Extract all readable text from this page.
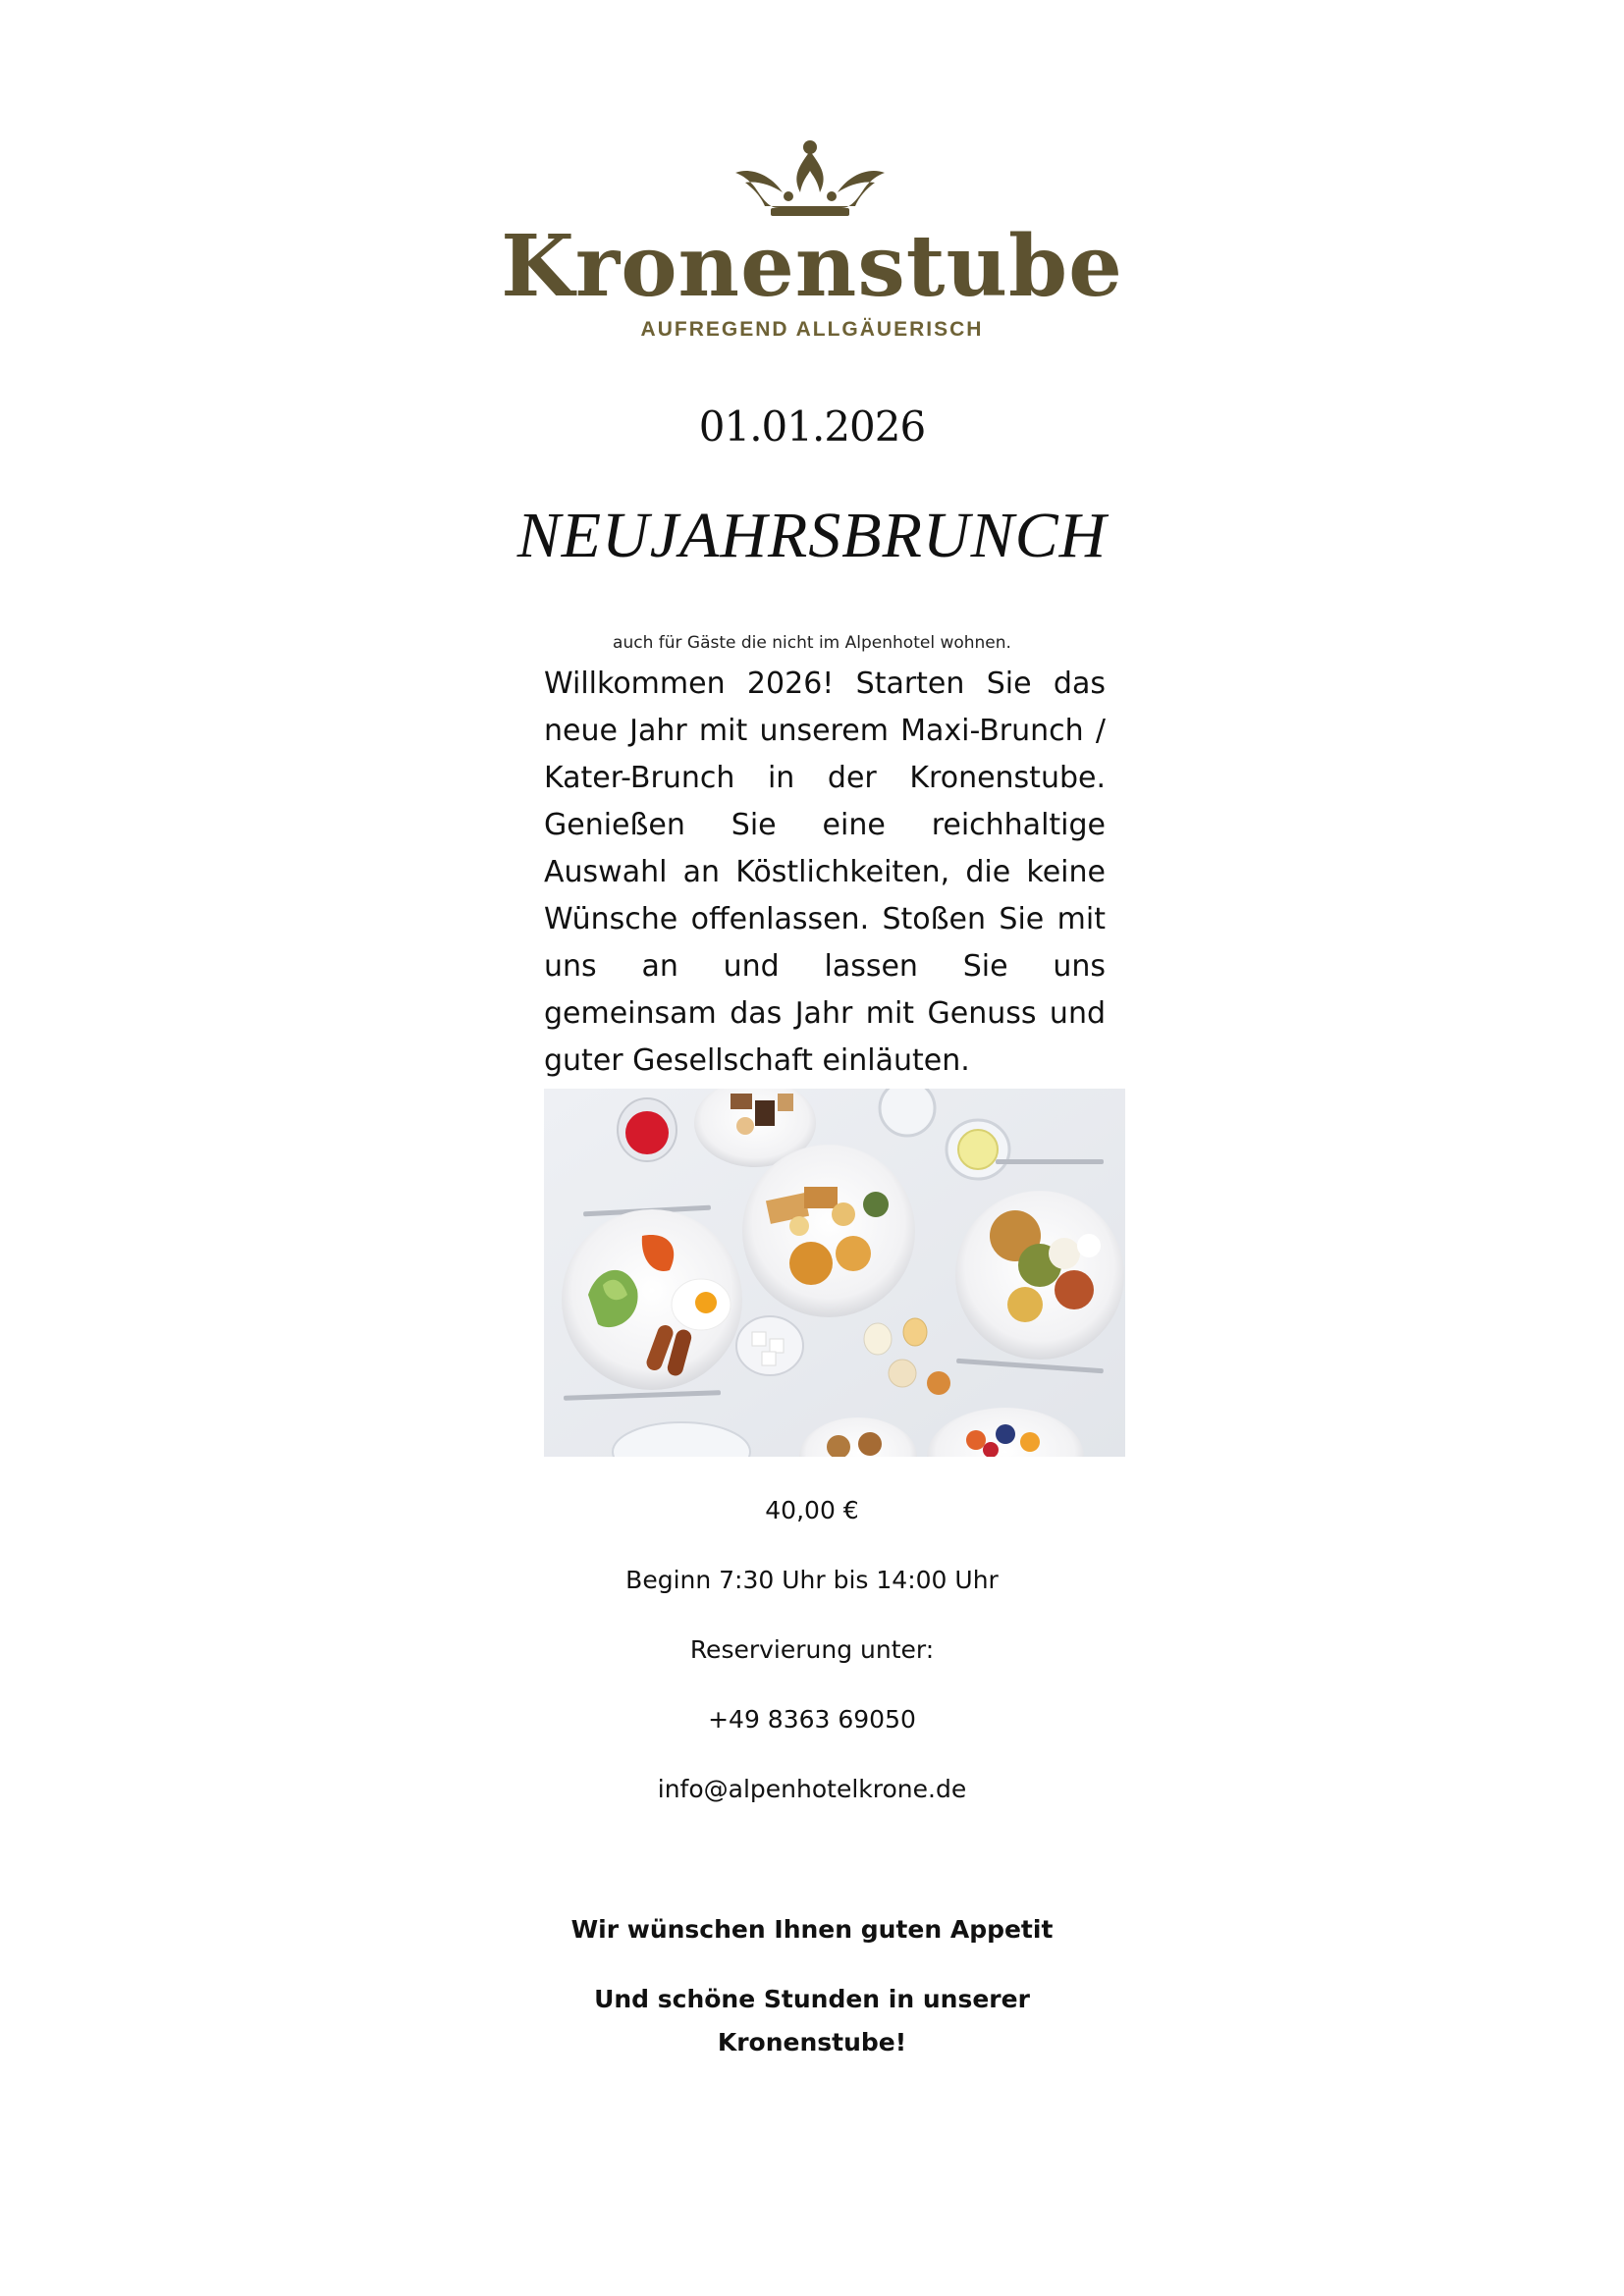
Kronenstube
AUFREGEND ALLGÄUERISCH
01.01.2026
NEUJAHRSBRUNCH
auch für Gäste die nicht im Alpenhotel wohnen.

Willkommen 2026! Starten Sie das neue Jahr mit unserem Maxi-Brunch / Kater-Brunch in der Kronenstube. Genießen Sie eine reichhaltige Auswahl an Köstlichkeiten, die keine Wünsche offenlassen. Stoßen Sie mit uns an und lassen Sie uns gemeinsam das Jahr mit Genuss und guter Gesellschaft einläuten.

40,00 €
Beginn 7:30 Uhr bis 14:00 Uhr
Reservierung unter:
+49 8363 69050
info@alpenhotelkrone.de
Wir wünschen Ihnen guten Appetit
Und schöne Stunden in unserer
Kronenstube!
